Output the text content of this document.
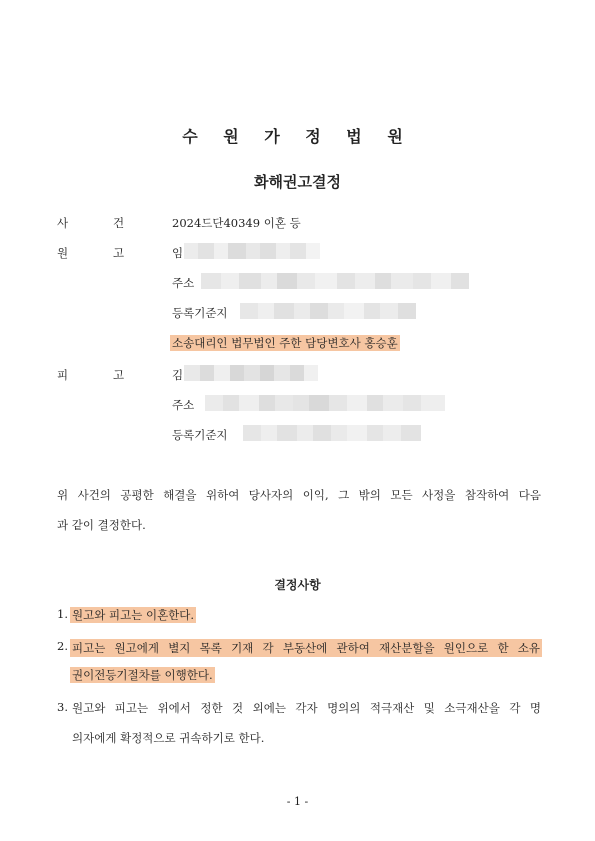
수 원 가 정 법 원
화해권고결정
사	건	2024드단40349 이혼 등
원	고	임
주소
등록기준지
소송대리인 법무법인 주한 담당변호사 홍승훈
피	고	김
주소
등록기준지
위 사건의 공평한 해결을 위하여 당사자의 이익, 그 밖의 모든 사정을 참작하여 다음
과 같이 결정한다.
결정사항
1. 원고와 피고는 이혼한다.
2. 피고는 원고에게 별지 목록 기재 각 부동산에 관하여 재산분할을 원인으로 한 소유
권이전등기절차를 이행한다.
3. 원고와 피고는 위에서 정한 것 외에는 각자 명의의 적극재산 및 소극재산을 각 명
의자에게 확정적으로 귀속하기로 한다.
- 1 -
